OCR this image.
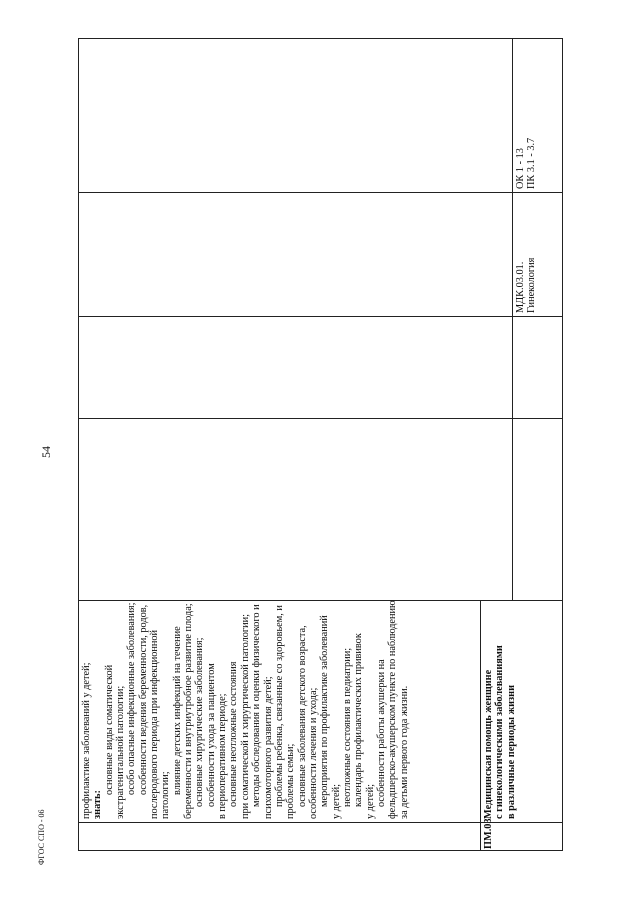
54
ПМ.03
профилактике заболеваний у детей; знать:
основные виды соматической экстрагенитальной патологии; особо опасные инфекционные заболевания; особенности ведения беременности, родов, послеродового периода при инфекционной патологии;
влияние детских инфекций на течение беременности и внутриутробное развитие плода; основные хирургические заболевания; особенности ухода за пациентом в периоперативном периоде; основные неотложные состояния при соматической и хирургической патологии; методы обследования и оценки физического и психомоторного развития детей; проблемы ребенка, связанные со здоровьем, и проблемы семьи; основные заболевания детского возраста, особенности лечения и ухода; мероприятия по профилактике заболеваний у детей; неотложные состояния в педиатрии; календарь профилактических прививок у детей; особенности работы акушерки на фельдшерско-акушерском пункте по наблюдению за детьми первого года жизни.	Медицинская помощь женщине с гинекологическими заболеваниями в различные периоды жизни
МДК.03.01. Гинекология
ОК 1 - 13 ПК 3.1 - 3.7
ФГОС СПО - 06
